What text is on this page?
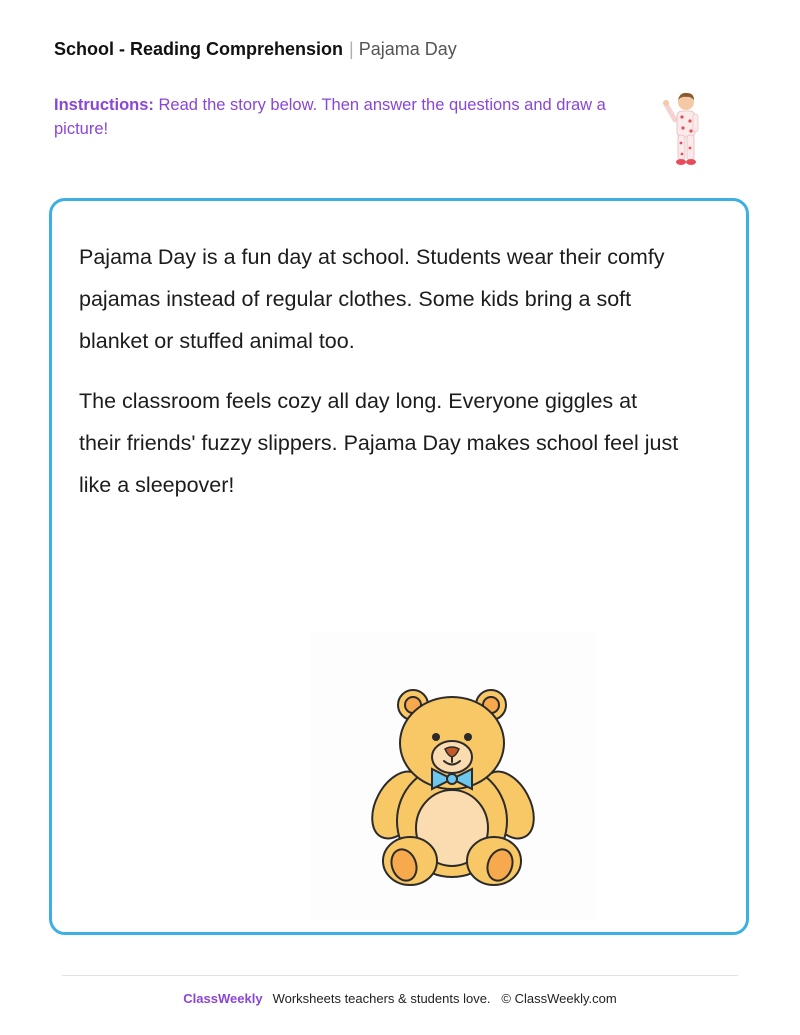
School - Reading Comprehension | Pajama Day
Instructions: Read the story below. Then answer the questions and draw a picture!

Pajama Day is a fun day at school. Students wear their comfy pajamas instead of regular clothes. Some kids bring a soft blanket or stuffed animal too.

The classroom feels cozy all day long. Everyone giggles at their friends' fuzzy slippers. Pajama Day makes school feel just like a sleepover!

ClassWeekly Worksheets teachers & students love. © ClassWeekly.com
